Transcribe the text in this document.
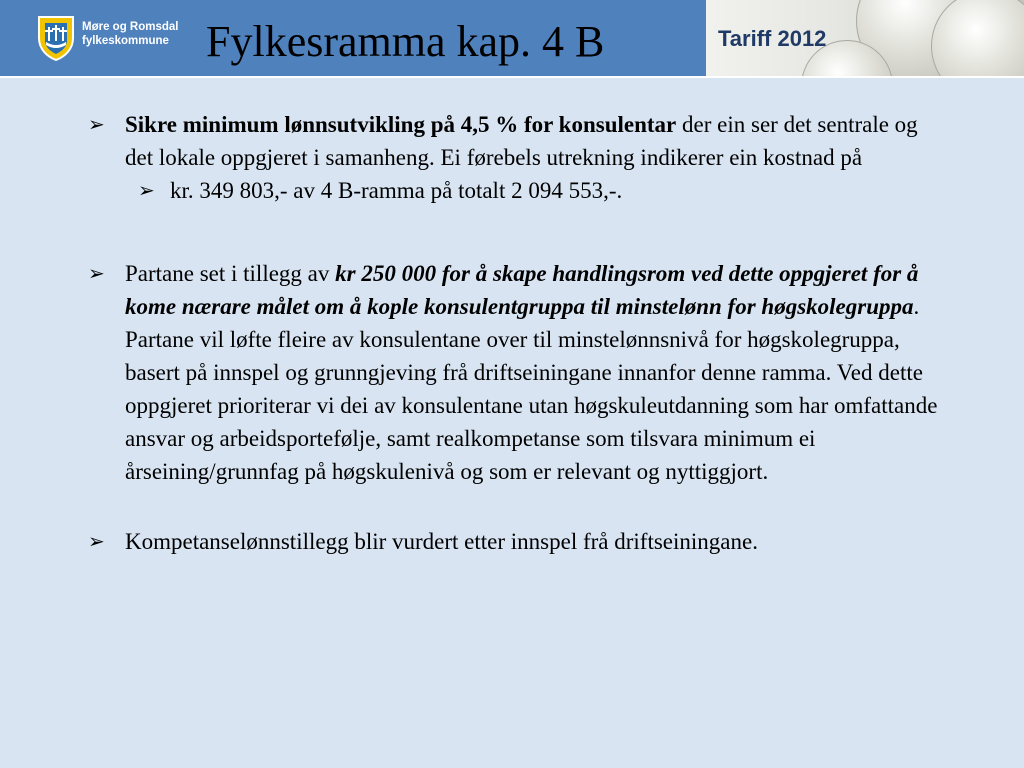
Møre og Romsdal
fylkeskommune Fylkesramma kap. 4 B	Tariff 2012

➢ Sikre minimum lønnsutvikling på 4,5 % for konsulentar der ein ser det sentrale og det lokale oppgjeret i samanheng. Ei førebels utrekning indikerer ein kostnad på

➢ kr. 349 803,- av 4 B-ramma på totalt 2 094 553,-.

➢ Partane set i tillegg av kr 250 000 for å skape handlingsrom ved dette oppgjeret for å kome nærare målet om å kople konsulentgruppa til minstelønn for høgskolegruppa. Partane vil løfte fleire av konsulentane over til minstelønnsnivå for høgskolegruppa, basert på innspel og grunngjeving frå driftseiningane innanfor denne ramma. Ved dette oppgjeret prioriterar vi dei av konsulentane utan høgskuleutdanning som har omfattande ansvar og arbeidsportefølje, samt realkompetanse som tilsvara minimum ei årseining/grunnfag på høgskulenivå og som er relevant og nyttiggjort.

➢ Kompetanselønnstillegg blir vurdert etter innspel frå driftseiningane.
